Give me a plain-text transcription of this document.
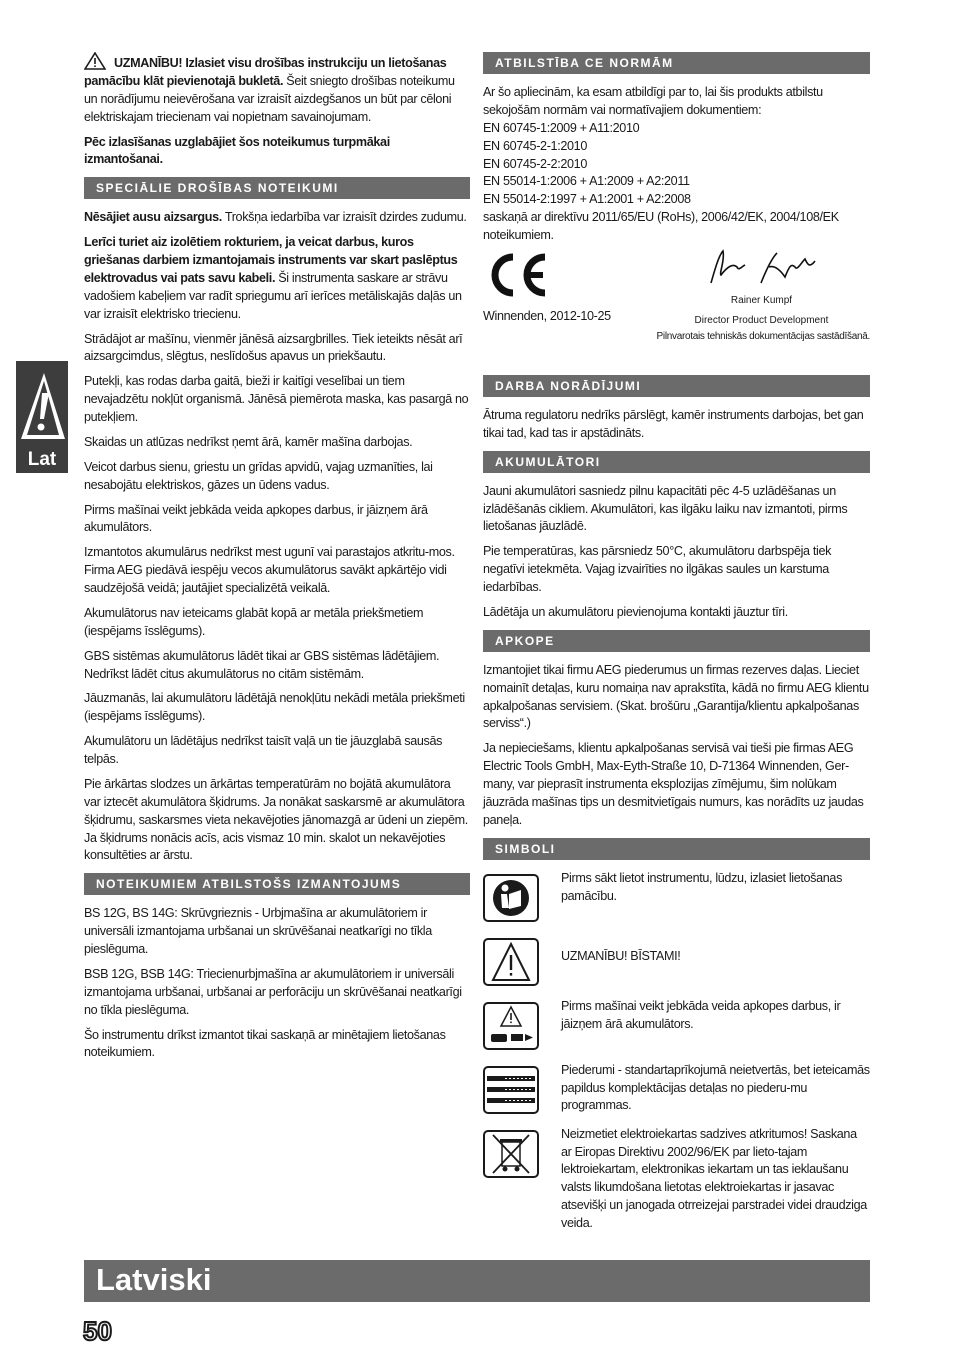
Lat

UZMANĪBU! Izlasiet visu drošības instrukciju un lietošanas pamācību klāt pievienotajā bukletā. Šeit sniegto drošības noteikumu un norādījumu neievērošana var izraisīt aizdegšanos un būt par cēloni elektriskajam triecienam vai nopietnam savainojumam.

Pēc izlasīšanas uzglabājiet šos noteikumus turpmākai izmantošanai.

SPECIĀLIE DROŠĪBAS NOTEIKUMI

Nēsājiet ausu aizsargus. Trokšņa iedarbība var izraisīt dzirdes zudumu.

Lerīci turiet aiz izolētiem rokturiem, ja veicat darbus, kuros griešanas darbiem izmantojamais instruments var skart paslēptus elektrovadus vai pats savu kabeli. Ši instrumenta saskare ar strāvu vadošiem kabeļiem var radīt spriegumu arī ierīces metāliskajās daļās un var izraisīt elektrisko triecienu.

Strādājot ar mašīnu, vienmēr jānēsā aizsargbrilles. Tiek ieteikts nēsāt arī aizsargcimdus, slēgtus, neslīdošus apavus un priekšautu.

Putekļi, kas rodas darba gaitā, bieži ir kaitīgi veselībai un tiem nevajadzētu nokļūt organismā. Jānēsā piemērota maska, kas pasargā no putekļiem.

Skaidas un atlūzas nedrīkst ņemt ārā, kamēr mašīna darbojas.

Veicot darbus sienu, griestu un grīdas apvidū, vajag uzmanīties, lai nesabojātu elektriskos, gāzes un ūdens vadus.

Pirms mašīnai veikt jebkāda veida apkopes darbus, ir jāizņem ārā akumulātors.

Izmantotos akumulārus nedrīkst mest ugunī vai parastajos atkritu-mos. Firma AEG piedāvā iespēju vecos akumulātorus savākt apkārtējo vidi saudzējošā veidā; jautājiet specializētā veikalā.

Akumulātorus nav ieteicams glabāt kopā ar metāla priekšmetiem (iespējams īsslēgums).

GBS sistēmas akumulātorus lādēt tikai ar GBS sistēmas lādētājiem. Nedrīkst lādēt citus akumulātorus no citām sistēmām.

Jāuzmanās, lai akumulātoru lādētājā nenokļūtu nekādi metāla priekšmeti (iespējams īsslēgums).

Akumulātoru un lādētājus nedrīkst taisīt vaļā un tie jāuzglabā sausās telpās.

Pie ārkārtas slodzes un ārkārtas temperatūrām no bojātā akumulātora var iztecēt akumulātora šķidrums. Ja nonākat saskarsmē ar akumulātora šķidrumu, saskarsmes vieta nekavējoties jānomazgā ar ūdeni un ziepēm. Ja šķidrums nonācis acīs, acis vismaz 10 min. skalot un nekavējoties konsultēties ar ārstu.

NOTEIKUMIEM ATBILSTOŠS IZMANTOJUMS

BS 12G, BS 14G: Skrūvgrieznis - Urbjmašīna ar akumulātoriem ir universāli izmantojama urbšanai un skrūvēšanai neatkarīgi no tīkla pieslēguma.

BSB 12G, BSB 14G: Triecienurbjmašīna ar akumulātoriem ir universāli izmantojama urbšanai, urbšanai ar perforāciju un skrūvēšanai neatkarīgi no tīkla pieslēguma.

Šo instrumentu drīkst izmantot tikai saskaņā ar minētajiem lietošanas noteikumiem.

ATBILSTĪBA CE NORMĀM

Ar šo apliecinām, ka esam atbildīgi par to, lai šis produkts atbilstu sekojošām normām vai normatīvajiem dokumentiem:
EN 60745-1:2009 + A11:2010
EN 60745-2-1:2010
EN 60745-2-2:2010
EN 55014-1:2006 + A1:2009 + A2:2011
EN 55014-2:1997 + A1:2001 + A2:2008
saskaņā ar direktīvu 2011/65/EU (RoHs), 2006/42/EK, 2004/108/EK noteikumiem.

Winnenden, 2012-10-25
Rainer Kumpf
Director Product Development
Pilnvarotais tehniskās dokumentācijas sastādīšanā.
DARBA NORĀDĪJUMI

Ātruma regulatoru nedrīks pārslēgt, kamēr instruments darbojas, bet gan tikai tad, kad tas ir apstādināts.

AKUMULĀTORI

Jauni akumulātori sasniedz pilnu kapacitāti pēc 4-5 uzlādēšanas un izlādēšanās cikliem. Akumulātori, kas ilgāku laiku nav izmantoti, pirms lietošanas jāuzlādē.

Pie temperatūras, kas pārsniedz 50°C, akumulātoru darbspēja tiek negatīvi ietekmēta. Vajag izvairīties no ilgākas saules un karstuma iedarbības.

Lādētāja un akumulātoru pievienojuma kontakti jāuztur tīri.

APKOPE

Izmantojiet tikai firmu AEG piederumus un firmas rezerves daļas. Lieciet nomainīt detaļas, kuru nomaiņa nav aprakstīta, kādā no firmu AEG klientu apkalpošanas servisiem. (Skat. brošūru „Garantija/klientu apkalpošanas serviss“.)

Ja nepieciešams, klientu apkalpošanas servisā vai tieši pie firmas AEG Electric Tools GmbH, Max-Eyth-Straße 10, D-71364 Winnenden, Ger-many, var pieprasīt instrumenta eksplozijas zīmējumu, šim nolūkam jāuzrāda mašīnas tips un desmitvietīgais numurs, kas norādīts uz jaudas paneļa.

SIMBOLI
Pirms sākt lietot instrumentu, lūdzu, izlasiet lietošanas pamācību.
UZMANĪBU! BĪSTAMI!
Pirms mašīnai veikt jebkāda veida apkopes darbus, ir jāizņem ārā akumulātors.
Piederumi - standartaprīkojumā neietvertās, bet ieteicamās papildus komplektācijas detaļas no piederu-mu programmas.
Neizmetiet elektroiekartas sadzives atkritumos! Saskana ar Eiropas Direktivu 2002/96/EK par lieto-tajam lektroiekartam, elektronikas iekartam un tas ieklaušanu valsts likumdošana lietotas elektroiekartas ir jasavac atsevišķi un janogada otrreizejai parstradei videi draudziga veida.
Latviski
50
